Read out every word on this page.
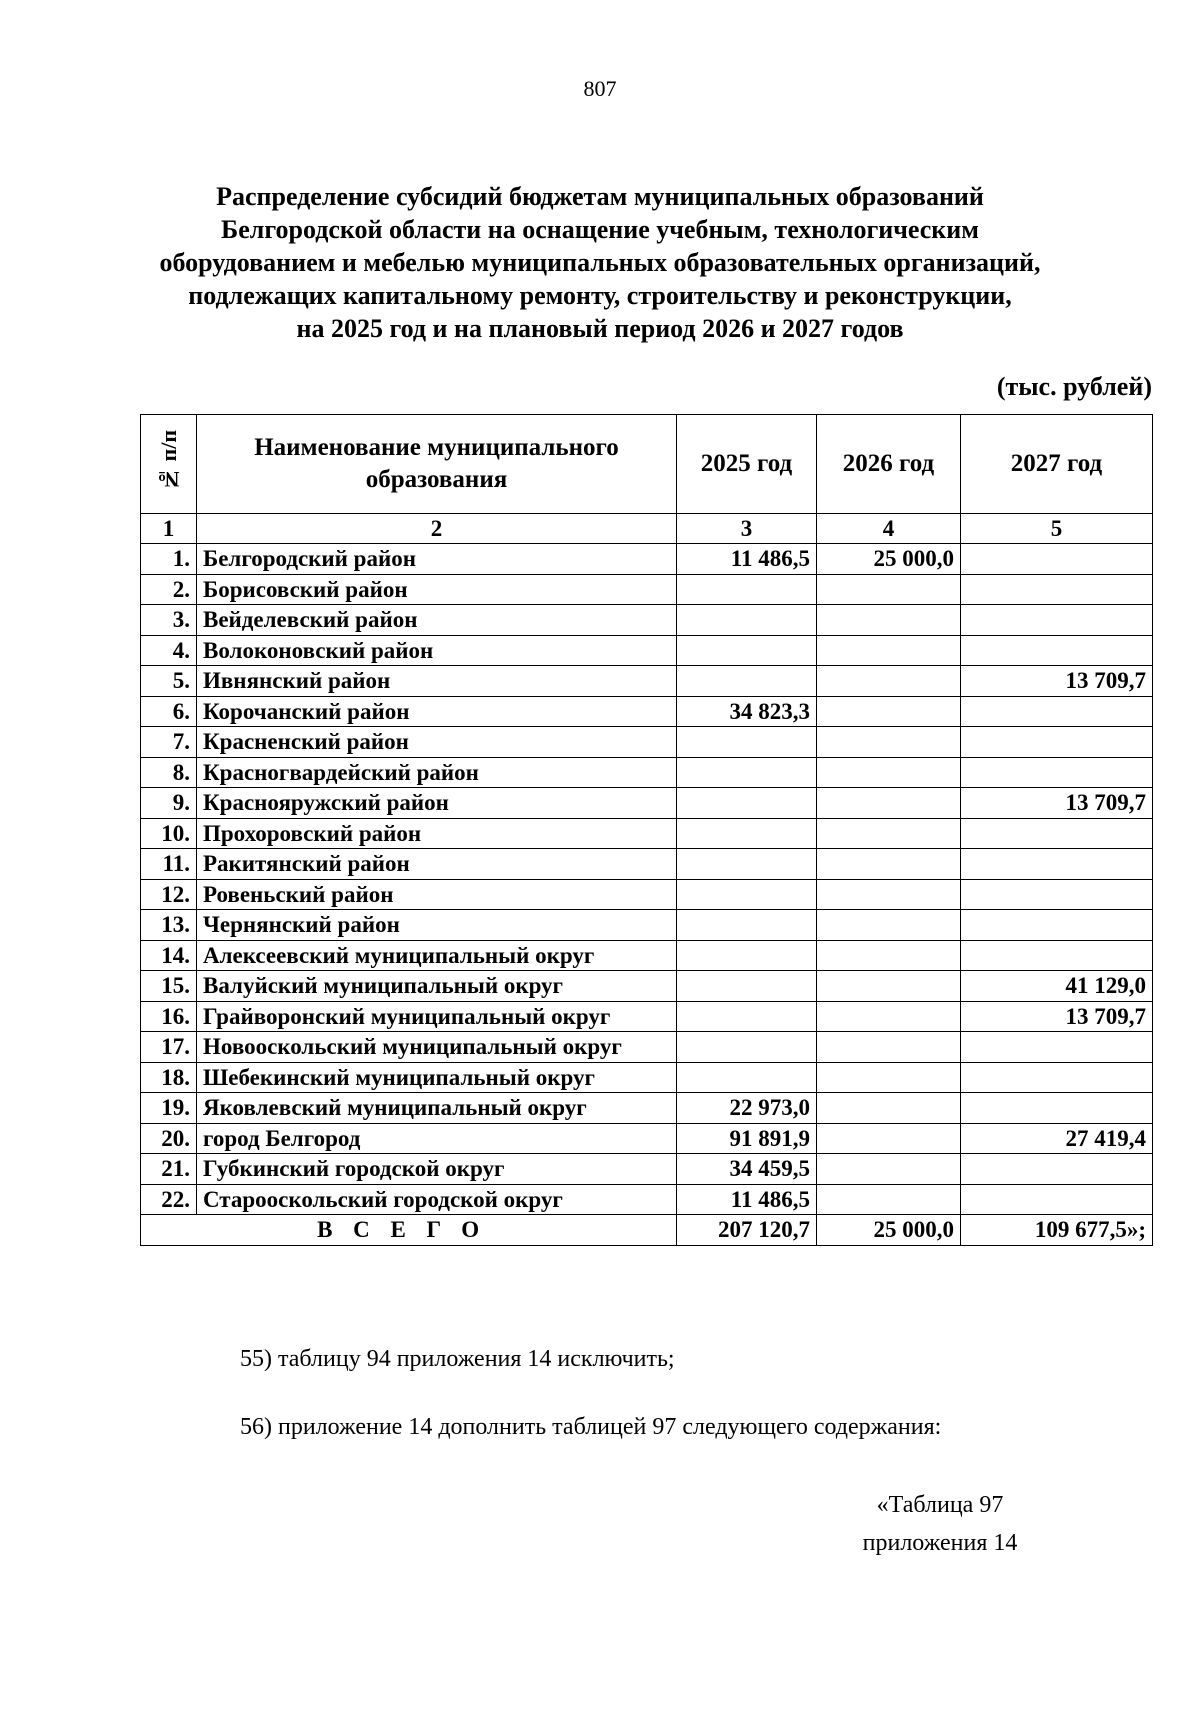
807
Распределение субсидий бюджетам муниципальных образований
Белгородской области на оснащение учебным, технологическим
оборудованием и мебелью муниципальных образовательных организаций,
подлежащих капитальному ремонту, строительству и реконструкции,
на 2025 год и на плановый период 2026 и 2027 годов
(тыс. рублей)
№ п/п	Наименование муниципального образования	2025 год	2026 год	2027 год
1	2	3	4	5
1.	Белгородский район	11 486,5	25 000,0	
2.	Борисовский район			
3.	Вейделевский район			
4.	Волоконовский район			
5.	Ивнянский район			13 709,7
6.	Корочанский район	34 823,3		
7.	Красненский район			
8.	Красногвардейский район			
9.	Краснояружский район			13 709,7
10.	Прохоровский район			
11.	Ракитянский район			
12.	Ровеньский район			
13.	Чернянский район			
14.	Алексеевский муниципальный округ			
15.	Валуйский муниципальный округ			41 129,0
16.	Грайворонский муниципальный округ			13 709,7
17.	Новооскольский муниципальный округ			
18.	Шебекинский муниципальный округ			
19.	Яковлевский муниципальный округ	22 973,0		
20.	город Белгород	91 891,9		27 419,4
21.	Губкинский городской округ	34 459,5		
22.	Старооскольский городской округ	11 486,5		
ВСЕГО		207 120,7	25 000,0	109 677,5»;
55) таблицу 94 приложения 14 исключить;
56) приложение 14 дополнить таблицей 97 следующего содержания:
«Таблица 97
приложения 14
